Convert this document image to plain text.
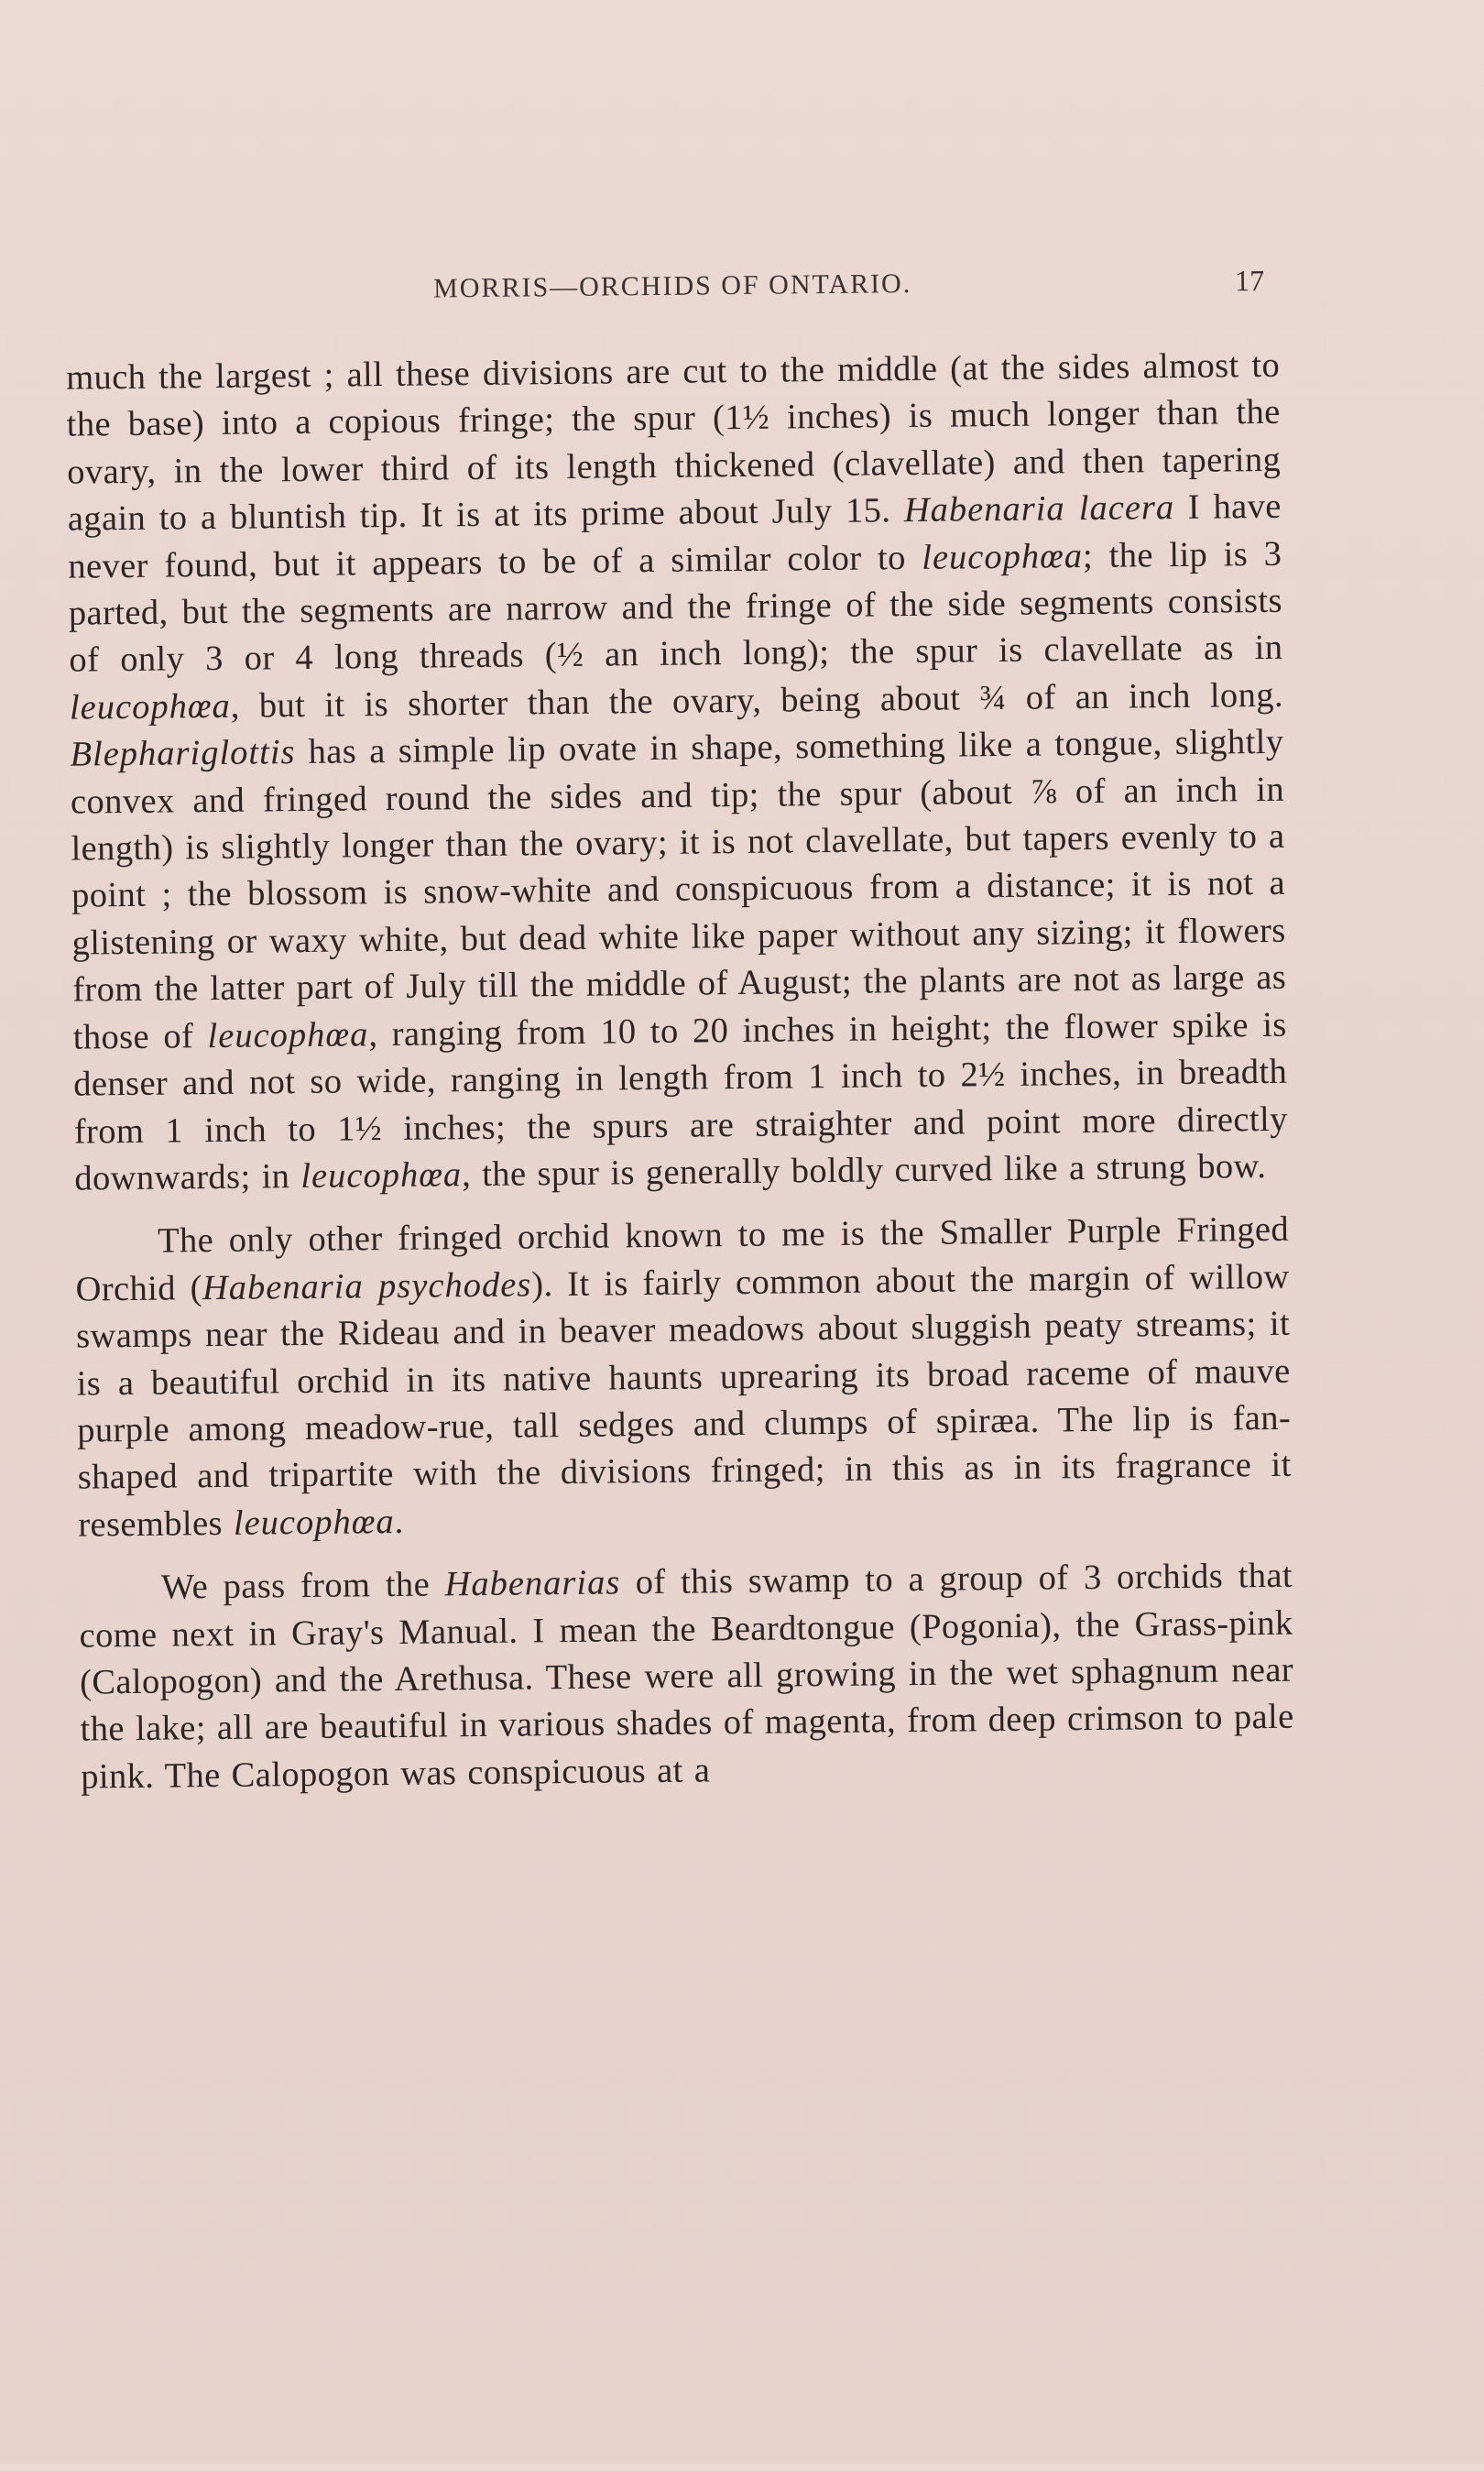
MORRIS—ORCHIDS OF ONTARIO.	17

much the largest ; all these divisions are cut to the middle (at the sides almost to the base) into a copious fringe; the spur (1½ inches) is much longer than the ovary, in the lower third of its length thickened (clavellate) and then tapering again to a bluntish tip. It is at its prime about July 15. Habenaria lacera I have never found, but it appears to be of a similar color to leucophœa; the lip is 3 parted, but the segments are narrow and the fringe of the side segments consists of only 3 or 4 long threads (½ an inch long); the spur is clavellate as in leucophœa, but it is shorter than the ovary, being about ¾ of an inch long. Blephariglottis has a simple lip ovate in shape, something like a tongue, slightly convex and fringed round the sides and tip; the spur (about ⅞ of an inch in length) is slightly longer than the ovary; it is not clavellate, but tapers evenly to a point ; the blossom is snow-white and conspicuous from a distance; it is not a glistening or waxy white, but dead white like paper without any sizing; it flowers from the latter part of July till the middle of August; the plants are not as large as those of leucophœa, ranging from 10 to 20 inches in height; the flower spike is denser and not so wide, ranging in length from 1 inch to 2½ inches, in breadth from 1 inch to 1½ inches; the spurs are straighter and point more directly downwards; in leucophœa, the spur is generally boldly curved like a strung bow.

The only other fringed orchid known to me is the Smaller Purple Fringed Orchid (Habenaria psychodes). It is fairly common about the margin of willow swamps near the Rideau and in beaver meadows about sluggish peaty streams; it is a beautiful orchid in its native haunts uprearing its broad raceme of mauve purple among meadow-rue, tall sedges and clumps of spiræa. The lip is fan-shaped and tripartite with the divisions fringed; in this as in its fragrance it resembles leucophœa.

We pass from the Habenarias of this swamp to a group of 3 orchids that come next in Gray's Manual. I mean the Beardtongue (Pogonia), the Grass-pink (Calopogon) and the Arethusa. These were all growing in the wet sphagnum near the lake; all are beautiful in various shades of magenta, from deep crimson to pale pink. The Calopogon was conspicuous at a
